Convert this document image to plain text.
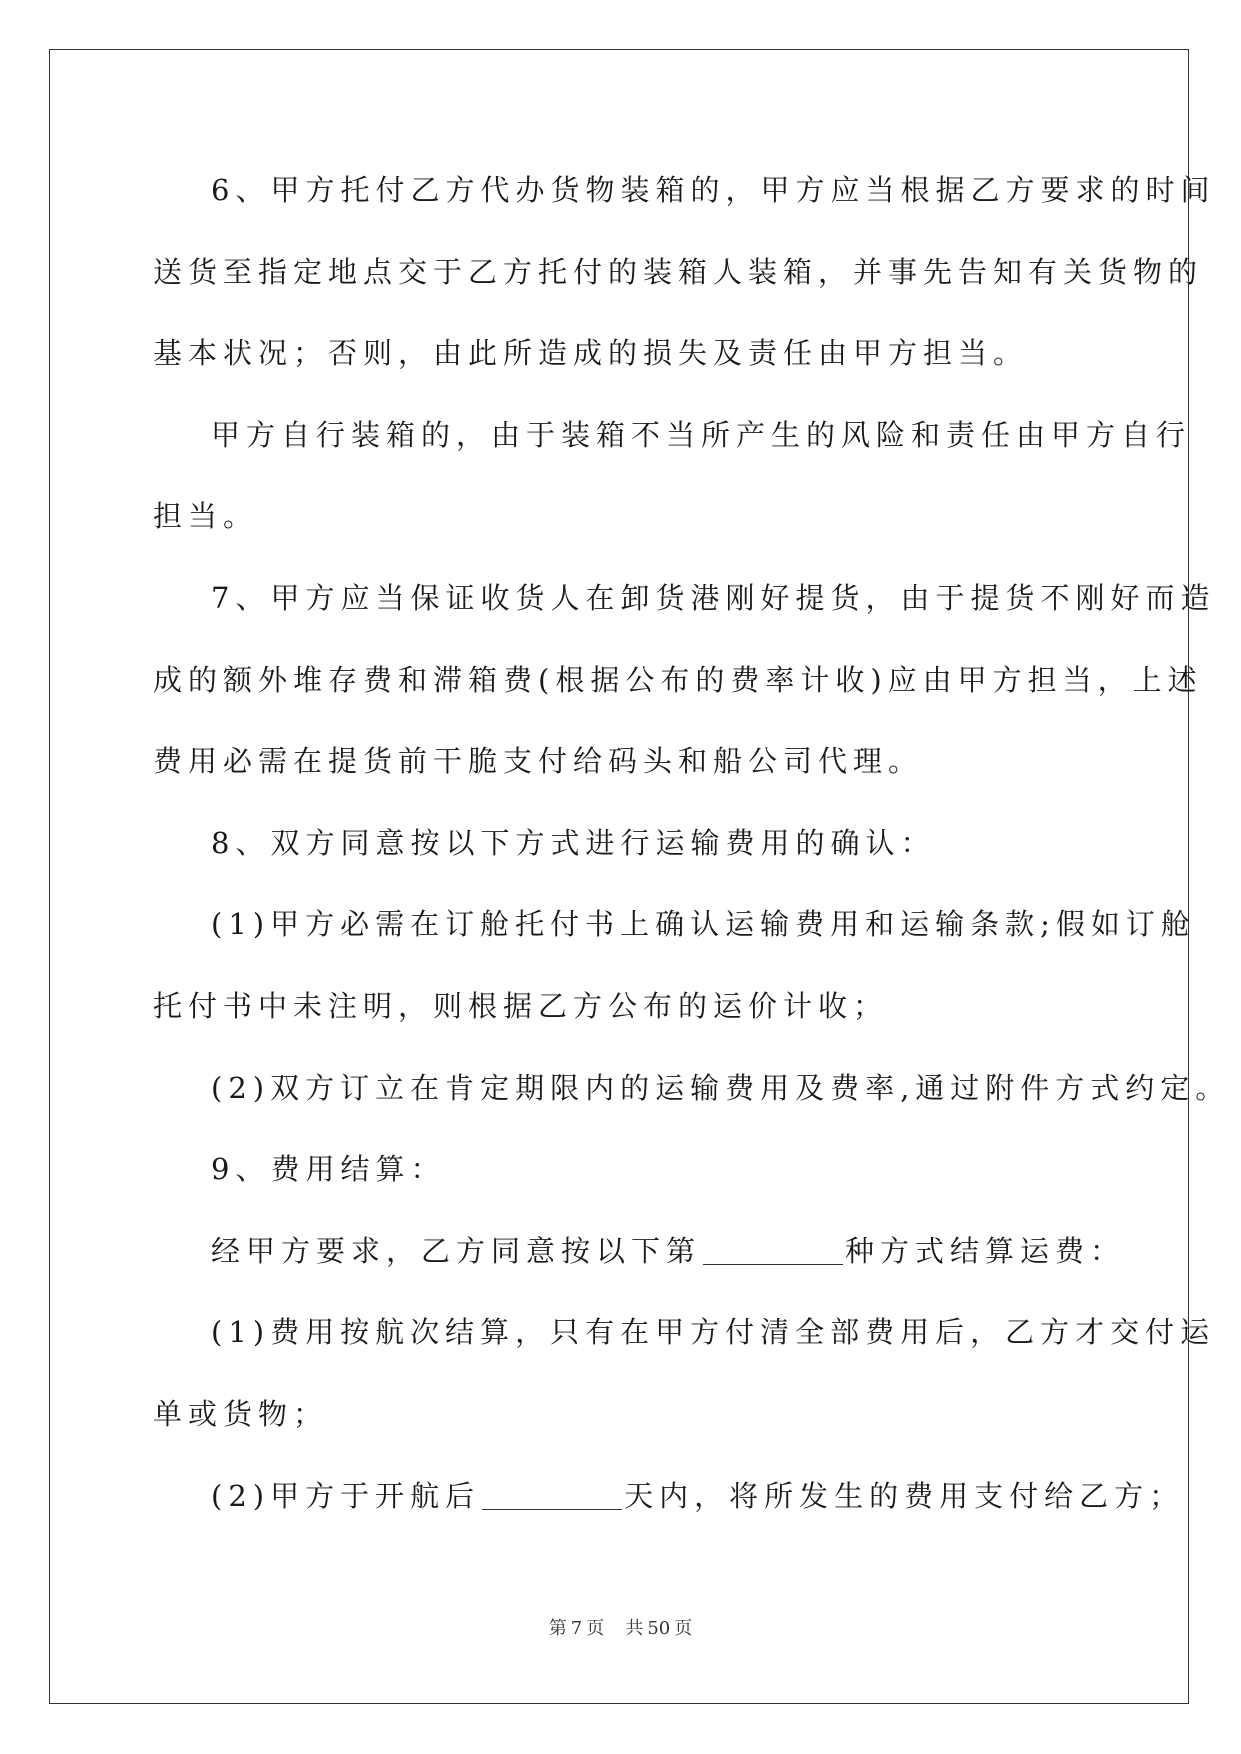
6、甲方托付乙方代办货物装箱的，甲方应当根据乙方要求的时间
送货至指定地点交于乙方托付的装箱人装箱，并事先告知有关货物的
基本状况；否则，由此所造成的损失及责任由甲方担当。
甲方自行装箱的，由于装箱不当所产生的风险和责任由甲方自行
担当。
7、甲方应当保证收货人在卸货港刚好提货，由于提货不刚好而造
成的额外堆存费和滞箱费(根据公布的费率计收)应由甲方担当，上述
费用必需在提货前干脆支付给码头和船公司代理。
8、双方同意按以下方式进行运输费用的确认：
(1)甲方必需在订舱托付书上确认运输费用和运输条款;假如订舱
托付书中未注明，则根据乙方公布的运价计收；
(2)双方订立在肯定期限内的运输费用及费率,通过附件方式约定。
9、费用结算：
经甲方要求，乙方同意按以下第	种方式结算运费：
(1)费用按航次结算，只有在甲方付清全部费用后，乙方才交付运
单或货物；
(2)甲方于开航后	天内，将所发生的费用支付给乙方；
第 7 页 共 50 页
